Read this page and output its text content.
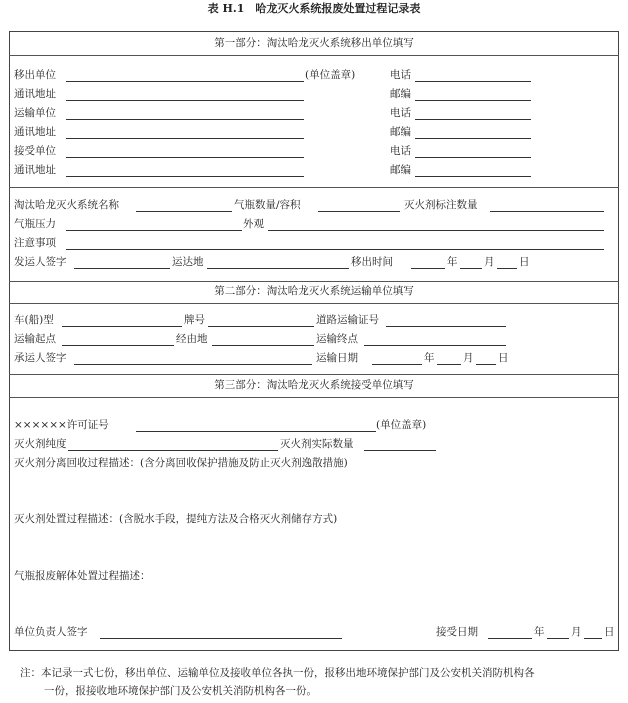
表 H.1　哈龙灭火系统报废处置过程记录表
第一部分：淘汰哈龙灭火系统移出单位填写
移出单位	(单位盖章)	电话
通讯地址	邮编
运输单位	电话
通讯地址	邮编
接受单位	电话
通讯地址	邮编
淘汰哈龙灭火系统名称	气瓶数量/容积	灭火剂标注数量
气瓶压力	外观
注意事项
发运人签字	运达地	移出时间	年	月 日
第二部分：淘汰哈龙灭火系统运输单位填写
车(船)型	牌号	道路运输证号
运输起点	经由地	运输终点
承运人签字	运输日期	年	月 日
第三部分：淘汰哈龙灭火系统接受单位填写
××××××许可证号	(单位盖章)
灭火剂纯度	灭火剂实际数量
灭火剂分离回收过程描述：(含分离回收保护措施及防止灭火剂逸散措施)
灭火剂处置过程描述：(含脱水手段，提纯方法及合格灭火剂储存方式)
气瓶报废解体处置过程描述：
单位负责人签字	接受日期	年	月 日
注：本记录一式七份，移出单位、运输单位及接收单位各执一份，报移出地环境保护部门及公安机关消防机构各
一份，报接收地环境保护部门及公安机关消防机构各一份。
